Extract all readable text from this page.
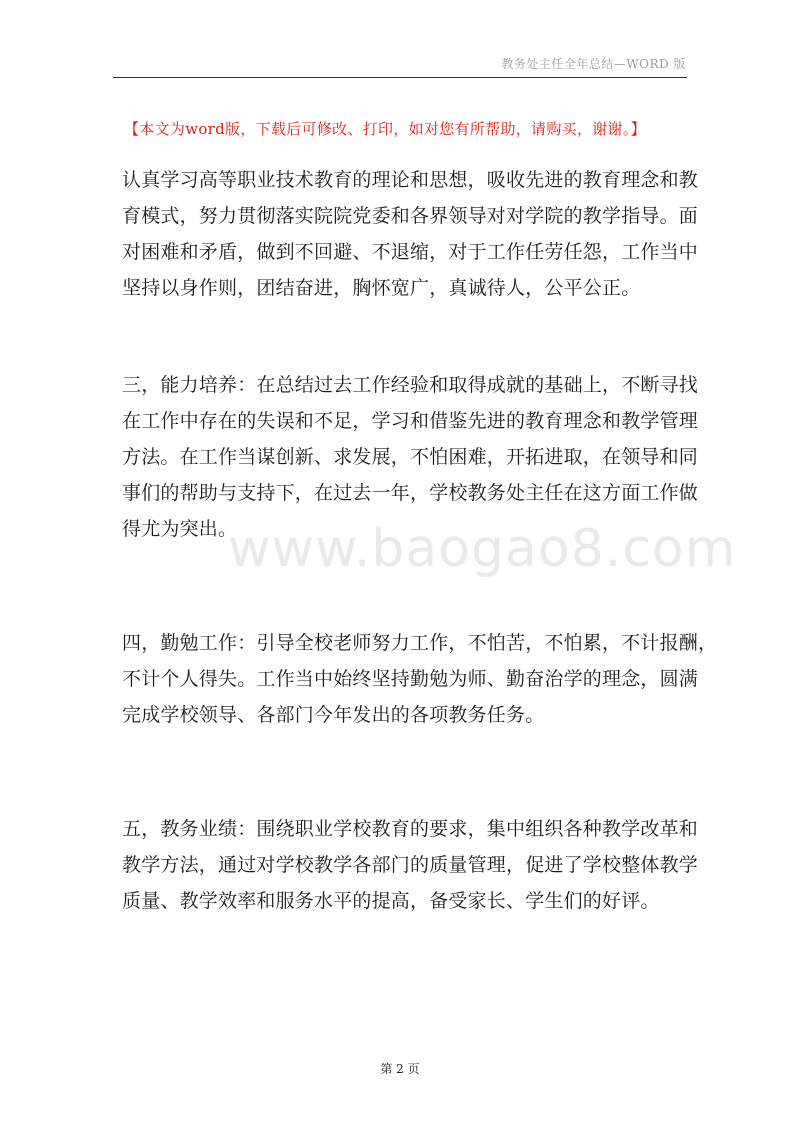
教务处主任全年总结—WORD 版
【本文为word版，下载后可修改、打印，如对您有所帮助，请购买，谢谢。】
认真学习高等职业技术教育的理论和思想，吸收先进的教育理念和教
育模式，努力贯彻落实院院党委和各界领导对对学院的教学指导。面
对困难和矛盾，做到不回避、不退缩，对于工作任劳任怨，工作当中
坚持以身作则，团结奋进，胸怀宽广，真诚待人，公平公正。
三，能力培养：在总结过去工作经验和取得成就的基础上，不断寻找
在工作中存在的失误和不足，学习和借鉴先进的教育理念和教学管理
方法。在工作当谋创新、求发展，不怕困难，开拓进取，在领导和同
事们的帮助与支持下，在过去一年，学校教务处主任在这方面工作做
得尤为突出。
四，勤勉工作：引导全校老师努力工作，不怕苦，不怕累，不计报酬，
不计个人得失。工作当中始终坚持勤勉为师、勤奋治学的理念，圆满
完成学校领导、各部门今年发出的各项教务任务。
五，教务业绩：围绕职业学校教育的要求，集中组织各种教学改革和
教学方法，通过对学校教学各部门的质量管理，促进了学校整体教学
质量、教学效率和服务水平的提高，备受家长、学生们的好评。
www.baogao8.com
第 2 页
